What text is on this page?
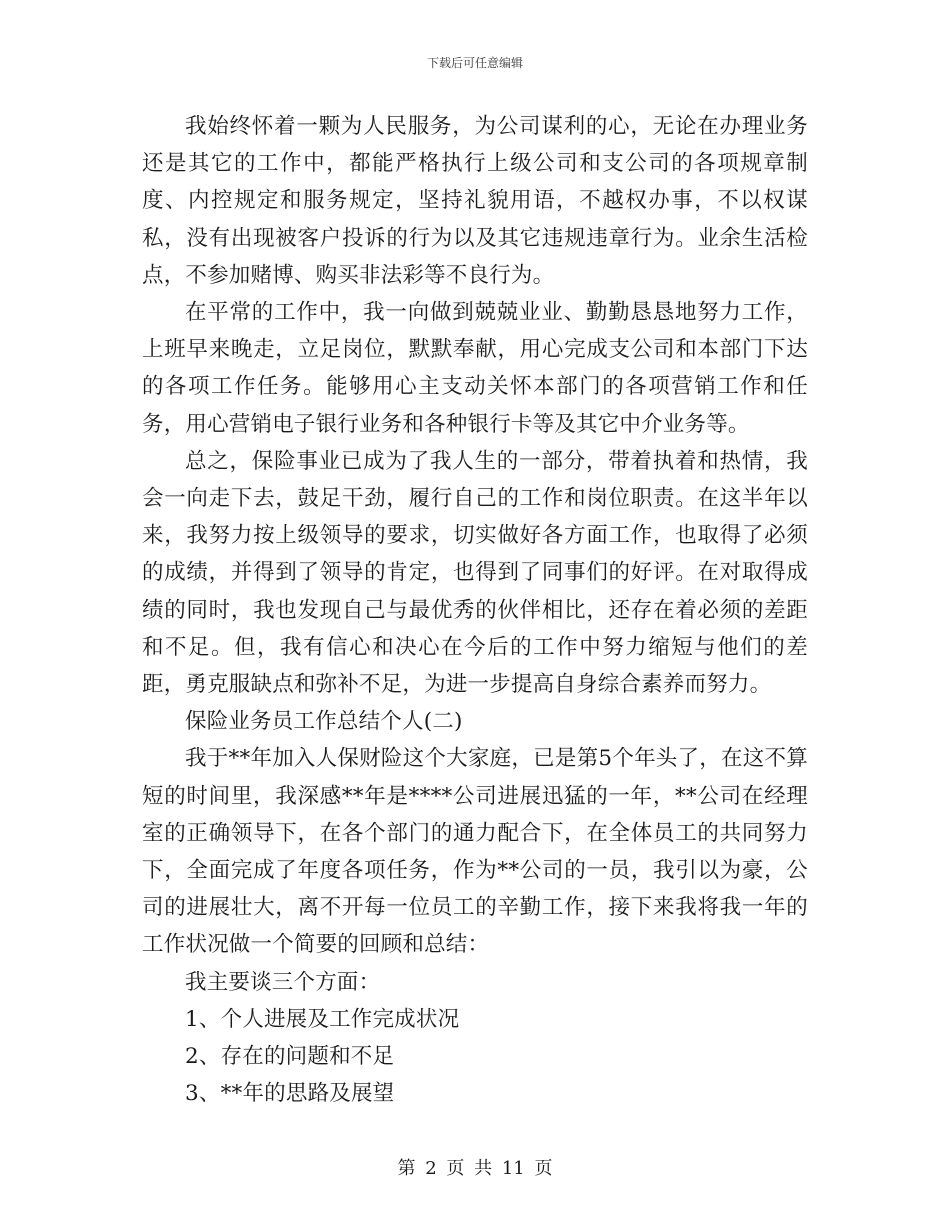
下载后可任意编辑

我始终怀着一颗为人民服务，为公司谋利的心，无论在办理业务还是其它的工作中，都能严格执行上级公司和支公司的各项规章制度、内控规定和服务规定，坚持礼貌用语，不越权办事，不以权谋私，没有出现被客户投诉的行为以及其它违规违章行为。业余生活检点，不参加赌博、购买非法彩等不良行为。

在平常的工作中，我一向做到兢兢业业、勤勤恳恳地努力工作，上班早来晚走，立足岗位，默默奉献，用心完成支公司和本部门下达的各项工作任务。能够用心主支动关怀本部门的各项营销工作和任务，用心营销电子银行业务和各种银行卡等及其它中介业务等。

总之，保险事业已成为了我人生的一部分，带着执着和热情，我会一向走下去，鼓足干劲，履行自己的工作和岗位职责。在这半年以来，我努力按上级领导的要求，切实做好各方面工作，也取得了必须的成绩，并得到了领导的肯定，也得到了同事们的好评。在对取得成绩的同时，我也发现自己与最优秀的伙伴相比，还存在着必须的差距和不足。但，我有信心和决心在今后的工作中努力缩短与他们的差距，勇克服缺点和弥补不足，为进一步提高自身综合素养而努力。

保险业务员工作总结个人(二)

我于**年加入人保财险这个大家庭，已是第5个年头了，在这不算短的时间里，我深感**年是****公司进展迅猛的一年，**公司在经理室的正确领导下，在各个部门的通力配合下，在全体员工的共同努力下，全面完成了年度各项任务，作为**公司的一员，我引以为豪，公司的进展壮大，离不开每一位员工的辛勤工作，接下来我将我一年的工作状况做一个简要的回顾和总结：

我主要谈三个方面：

1、个人进展及工作完成状况

2、存在的问题和不足

3、**年的思路及展望

第 2 页 共 11 页
